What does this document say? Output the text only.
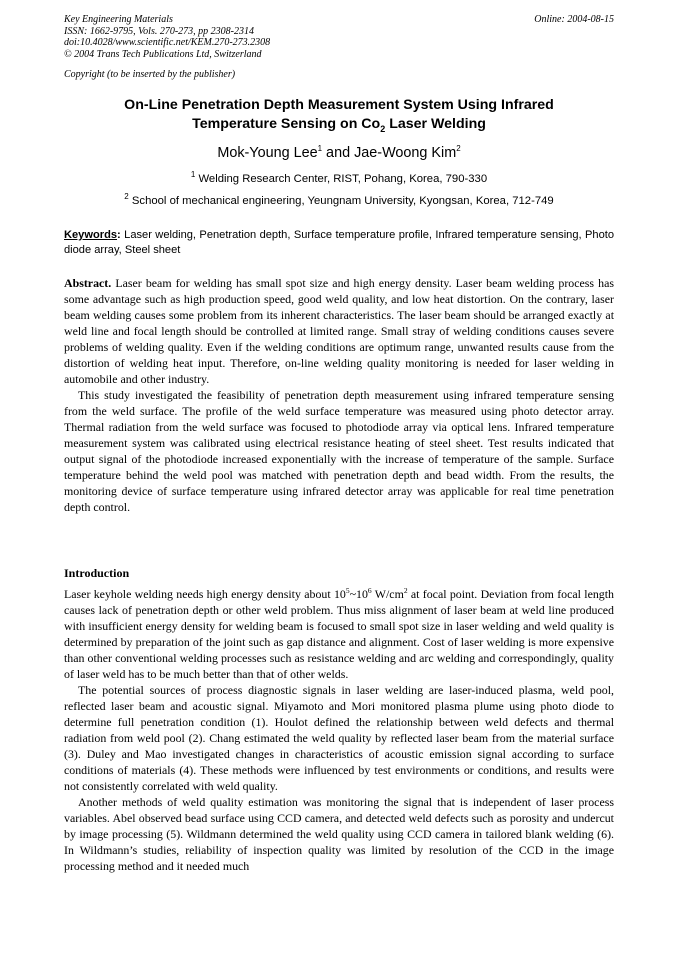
Key Engineering Materials
ISSN: 1662-9795, Vols. 270-273, pp 2308-2314
doi:10.4028/www.scientific.net/KEM.270-273.2308
© 2004 Trans Tech Publications Ltd, Switzerland
Online: 2004-08-15
Copyright (to be inserted by the publisher)
On-Line Penetration Depth Measurement System Using Infrared
Temperature Sensing on $Co_2$ Laser Welding
Mok-Young Lee$^1$ and Jae-Woong Kim$^2$
$^1$ Welding Research Center, RIST, Pohang, Korea, 790-330
$^2$ School of mechanical engineering, Yeungnam University, Kyongsan, Korea, 712-749
Keywords: Laser welding, Penetration depth, Surface temperature profile, Infrared temperature sensing, Photo diode array, Steel sheet

Abstract. Laser beam for welding has small spot size and high energy density. Laser beam welding process has some advantage such as high production speed, good weld quality, and low heat distortion. On the contrary, laser beam welding causes some problem from its inherent characteristics. The laser beam should be arranged exactly at weld line and focal length should be controlled at limited range. Small stray of welding conditions causes severe problems of welding quality. Even if the welding conditions are optimum range, unwanted results cause from the distortion of welding heat input. Therefore, on-line welding quality monitoring is needed for laser welding in automobile and other industry.

This study investigated the feasibility of penetration depth measurement using infrared temperature sensing from the weld surface. The profile of the weld surface temperature was measured using photo detector array. Thermal radiation from the weld surface was focused to photodiode array via optical lens. Infrared temperature measurement system was calibrated using electrical resistance heating of steel sheet. Test results indicated that output signal of the photodiode increased exponentially with the increase of temperature of the sample. Surface temperature behind the weld pool was matched with penetration depth and bead width. From the results, the monitoring device of surface temperature using infrared detector array was applicable for real time penetration depth control.

Introduction

Laser keyhole welding needs high energy density about $10^5\sim 10^6$ $W/cm^2$ at focal point. Deviation from focal length causes lack of penetration depth or other weld problem. Thus miss alignment of laser beam at weld line produced with insufficient energy density for welding beam is focused to small spot size in laser welding and weld quality is determined by preparation of the joint such as gap distance and alignment. Cost of laser welding is more expensive than other conventional welding processes such as resistance welding and arc welding and correspondingly, quality of laser weld has to be much better than that of other welds.

The potential sources of process diagnostic signals in laser welding are laser-induced plasma, weld pool, reflected laser beam and acoustic signal. Miyamoto and Mori monitored plasma plume using photo diode to determine full penetration condition (1). Houlot defined the relationship between weld defects and thermal radiation from weld pool (2). Chang estimated the weld quality by reflected laser beam from the material surface (3). Duley and Mao investigated changes in characteristics of acoustic emission signal according to surface conditions of materials (4). These methods were influenced by test environments or conditions, and results were not consistently correlated with weld quality.

Another methods of weld quality estimation was monitoring the signal that is independent of laser process variables. Abel observed bead surface using CCD camera, and detected weld defects such as porosity and undercut by image processing (5). Wildmann determined the weld quality using CCD camera in tailored blank welding (6). In Wildmann’s studies, reliability of inspection quality was limited by resolution of the CCD in the image processing method and it needed much
